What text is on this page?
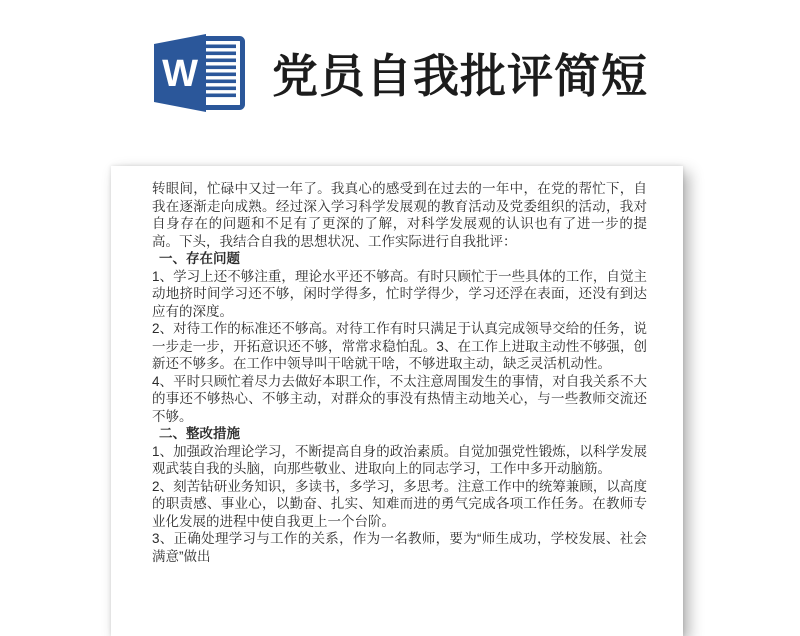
W 党员自我批评简短

转眼间，忙碌中又过一年了。我真心的感受到在过去的一年中，在党的帮忙下，自我在逐渐走向成熟。经过深入学习科学发展观的教育活动及党委组织的活动，我对自身存在的问题和不足有了更深的了解，对科学发展观的认识也有了进一步的提高。下头，我结合自我的思想状况、工作实际进行自我批评：

一、存在问题

1、学习上还不够注重，理论水平还不够高。有时只顾忙于一些具体的工作，自觉主动地挤时间学习还不够，闲时学得多，忙时学得少，学习还浮在表面，还没有到达应有的深度。

2、对待工作的标准还不够高。对待工作有时只满足于认真完成领导交给的任务，说一步走一步，开拓意识还不够，常常求稳怕乱。3、在工作上进取主动性不够强，创新还不够多。在工作中领导叫干啥就干啥，不够进取主动，缺乏灵活机动性。

4、平时只顾忙着尽力去做好本职工作，不太注意周围发生的事情，对自我关系不大的事还不够热心、不够主动，对群众的事没有热情主动地关心，与一些教师交流还不够。

二、整改措施

1、加强政治理论学习，不断提高自身的政治素质。自觉加强党性锻炼，以科学发展观武装自我的头脑，向那些敬业、进取向上的同志学习，工作中多开动脑筋。

2、刻苦钻研业务知识，多读书，多学习，多思考。注意工作中的统筹兼顾，以高度的职责感、事业心，以勤奋、扎实、知难而进的勇气完成各项工作任务。在教师专业化发展的进程中使自我更上一个台阶。

3、正确处理学习与工作的关系，作为一名教师，要为“师生成功，学校发展、社会满意”做出
